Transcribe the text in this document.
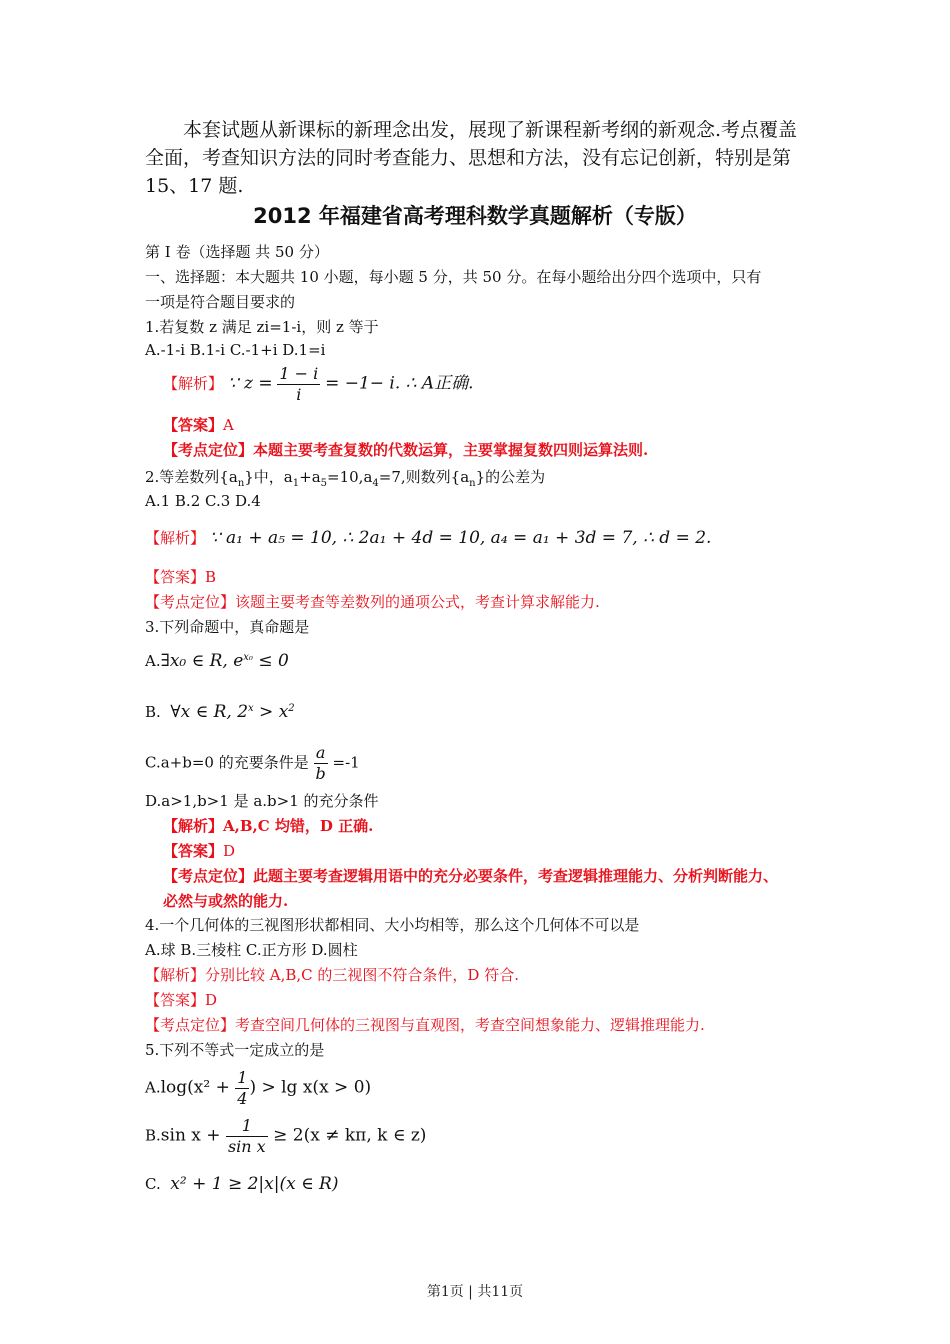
本套试题从新课标的新理念出发，展现了新课程新考纲的新观念.考点覆盖

全面，考查知识方法的同时考查能力、思想和方法，没有忘记创新，特别是第
15、17 题.
2012 年福建省高考理科数学真题解析（专版）
第 I 卷（选择题 共 50 分）
一、选择题：本大题共 10 小题，每小题 5 分，共 50 分。在每小题给出分四个选项中，只有
一项是符合题目要求的
1.若复数 z 满足 zi=1-i，则 z 等于
A.-1-i B.1-i C.-1+i D.1=i
【解析】 ∵ $z = \frac{1 - i}{i} = -1- i$. ∴ A正确.
【答案】A
【考点定位】本题主要考查复数的代数运算，主要掌握复数四则运算法则.
2.等差数列$\{a_n\}$中，$a_1+a_5=10,a_4=7$,则数列$\{a_n\}$的公差为
A.1 B.2 C.3 D.4
【解析】 ∵ a₁ + a₅ = 10, ∴ 2a₁ + 4d = 10, a₄ = a₁ + 3d = 7, ∴ d = 2.
【答案】B
【考点定位】该题主要考查等差数列的通项公式，考查计算求解能力.
3.下列命题中，真命题是
A.∃x₀ ∈ R, $e^{x_0} \le 0$
B. ∀x ∈ R, $2^x > x^2$
C.a+b=0 的充要条件是 $\frac{a}{b} =-1$
D.a>1,b>1 是 a.b>1 的充分条件
【解析】A,B,C 均错，D 正确.
【答案】D
【考点定位】此题主要考查逻辑用语中的充分必要条件，考查逻辑推理能力、分析判断能力、
必然与或然的能力.
4.一个几何体的三视图形状都相同、大小均相等，那么这个几何体不可以是
A.球 B.三棱柱 C.正方形 D.圆柱
【解析】分别比较 A,B,C 的三视图不符合条件，D 符合.
【答案】D
【考点定位】考查空间几何体的三视图与直观图，考查空间想象能力、逻辑推理能力.
5.下列不等式一定成立的是
$A.\log(x^2 + \frac{1}{4}$ ) > lg x(x > 0)
B.sin $x + \frac{1}{\text{sin x}} \ge 2(x \ne k\pi$, k ∈ z)
C. x² + 1 ≥ 2|x|(x ∈ R)
第1页 | 共11页
